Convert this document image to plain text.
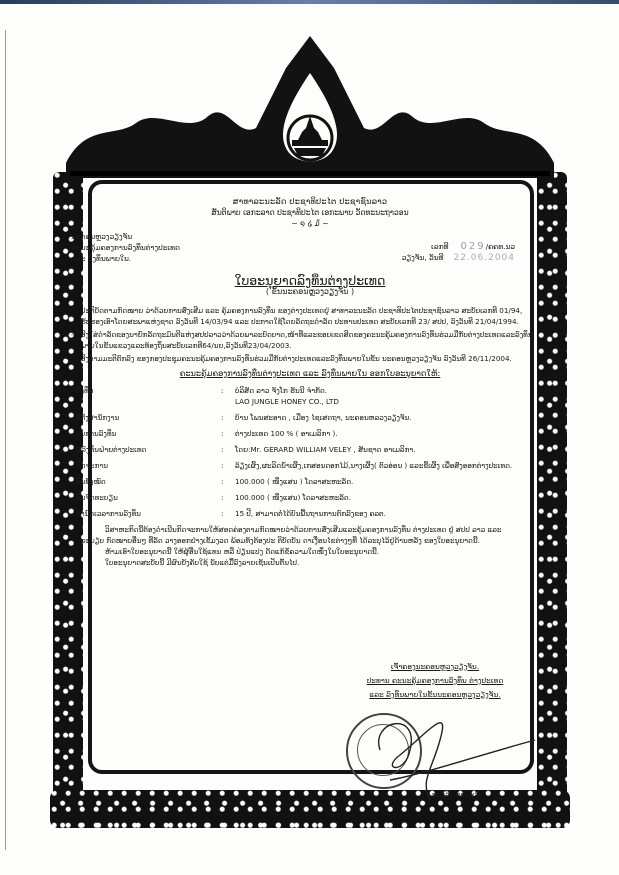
ສາທາລະນະລັດ ປະຊາທິປະໄຕ ປະຊາຊົນລາວ
ສັນຕິພາບ ເອກະລາດ ປະຊາທິປະໄຕ ເອກະພາບ ວັດທະນະຖາວອນ
~ ໑ ໒ ໓ ~
ນະຄອນຫຼວງວຽງຈັນ
ຄະນະຄຸ້ມຄອງການລົງທຶນຕ່າງປະເທດ
ແລະ ລົງທຶນພາຍໃນ.
ເລກທີ 029/ຄຄທ.ນວ
ວຽງຈັນ, ວັນທີ 22.06.2004
ໃບອະນຸຍາດລົງທຶນຕ່າງປະເທດ
( ຂັ້ນນະຄອນຫຼວງວຽງຈັນ )
- ປະຕິບັດຕາມກົດໝາຍ ວ່າດ້ວຍການສົ່ງເສີມ ແລະ ຄຸ້ມຄອງການລົງທຶນ ຂອງຕ່າງປະເທດຢູ່ ສາທາລະນະລັດ ປະຊາທິປະໄຕປະຊາຊົນລາວ ສະບັບເລກທີ 01/94, ຮັບຮອງເອົາໂດຍສະພາແຫ່ງຊາດ ລົງວັນທີ 14/03/94 ແລະ ປະກາດໃຊ້ໂດຍລັດຖະດຳລັດ ປະທານປະເທດ ສະບັບເລກທີ 23/ ສປປ, ລົງວັນທີ 21/04/1994.
- ອີງໃສ່ດຳລັດຂອງນາຍົກລັດຖະມົນຕີແຫ່ງສປປລາວວ່າດ້ວຍພາລະບົດບາດ,ໜ້າທີ່ແລະຂອບເຂດສິດຂອງຄະນະຄຸ້ມຄອງການລົງທຶນຮ່ວມມືກັບຕ່າງປະເທດແລະລົງທຶນພາຍໃນຂັ້ນແຂວງແລະທ້ອງຖິ່ນສະບັບເລກທີ64/ນຍ,ລົງວັນທີ23/04/2003.
- ອີງຕາມມະຕິຕົກລົງ ຂອງກອງປະຊຸມຄະນະຄຸ້ມຄອງການລົງທຶນຮ່ວມມືກັບຕ່າງປະເທດແລະລົງທຶນພາຍໃນຂັ້ນ ນະຄອນຫຼວງວຽງຈັນ ລົງວັນທີ 26/11/2004.
ຄະນະຄຸ້ມຄອງການລົງທຶນຕ່າງປະເທດ ແລະ ລົງທຶນພາຍໃນ ອອກໃບອະນຸຍາດໃຫ້:
- ລົງທຶນ	:	ບໍລິສັດ ລາວ ຈັງໂກ ຮັນນີ ຈຳກັດ.
LAO JUNGLE HONEY CO., LTD
- ທີ່ຕັ້ງສຳນັກງານ	:	ບ້ານ ໂພນສະອາດ , ເມືອງ ໄຊເສດຖາ, ນະຄອນຫລວງວຽງຈັນ.
- ຮູບການລົງທຶນ	:	ຕ່າງປະເທດ 100 % ( ອາເມລິກາ ).
- ຜູ້ລົງທຶນຝ່າຍຕ່າງປະເທດ	:	ໂດຍ:Mr. GERARD WILLIAM VELEY , ສັນຊາດ ອາເມລິກາ.
- ກິດຈະການ	:	ລ້ຽງເຜິ້ງ,ຜະລິດນ້ຳເຜິ້ງ,ເກສອນດອກໄມ້,ນາງເຜິ້ງ( ຕົວອ່ອນ ) ແລະຂີ້ເຜິ້ງ ເພື່ອສົ່ງອອກຕ່າງປະເທດ.
- ທຶນທັງໝົດ	:	100.000 ( ໜຶ່ງແສນ ) ໂດລາສະຫະລັດ.
- ທຶນຈົດທະບຽນ	:	100.000 ( ໜຶ່ງແສນ) ໂດລາສະຫະລັດ.
- ກຳນົດເວລາການລົງທຶນ	:	15 ປີ, ສາມາດຕໍ່ໄດ້ບົນພື້ນຖານການຕົກລົງຂອງ ຄລຕ.
ວິສາຫະກິດນີ້ຕ້ອງດຳເນີນກິດຈະການໃຫ້ສອດຄ່ອງຕາມກົດໝາຍວ່າດ້ວຍການສົ່ງເສີມແລະຄຸ້ມຄອງການລົງທຶນ ຕ່າງປະເທດ ຢູ່ ສປປ ລາວ ແລະ ລະບຽບ ກົດໝາຍອື່ນໆ ທີ່ລັດ ວາງອອກຢ່າງເຂັ້ມງວດ ພ້ອມທັງຕ້ອງປະ ຕິບັດບັນ ດາເງື່ອນໄຂຕ່າງໆທີ່ ໄດ້ລະບຸໄວ້ຢູ່ດ້ານຫລັງ ຂອງໃບອະນຸຍາດນີ້.
ຫ້າມເອົາໃບອະນຸຍາດນີ້ ໃຫ້ຜູ້ອື່ນໃຊ້ແທນ ຫລື ປ່ຽນແປງ ດັດແກ້ຂໍ້ຄວາມໃດໜຶ່ງໃນໃບອະນຸຍາດນີ້.
ໃບອະນຸຍາດສະບັບນີ້ ມີຜົນບັງຄັບໃຊ້ ນັບແຕ່ມື້ລົງລາຍເຊັນເປັນຕົ້ນໄປ.
ເຈົ້າຄອງນະຄອນຫຼວງວຽງຈັນ.
ປະທານ ຄະນະຄຸ້ມຄອງການລົງທຶນ ຕ່າງປະເທດ
ແລະ ລົງທຶນພາຍໃນຂັ້ນນະຄອນຫຼວງວຽງຈັນ.
ທອງລິງ ທຳມະວົງ
